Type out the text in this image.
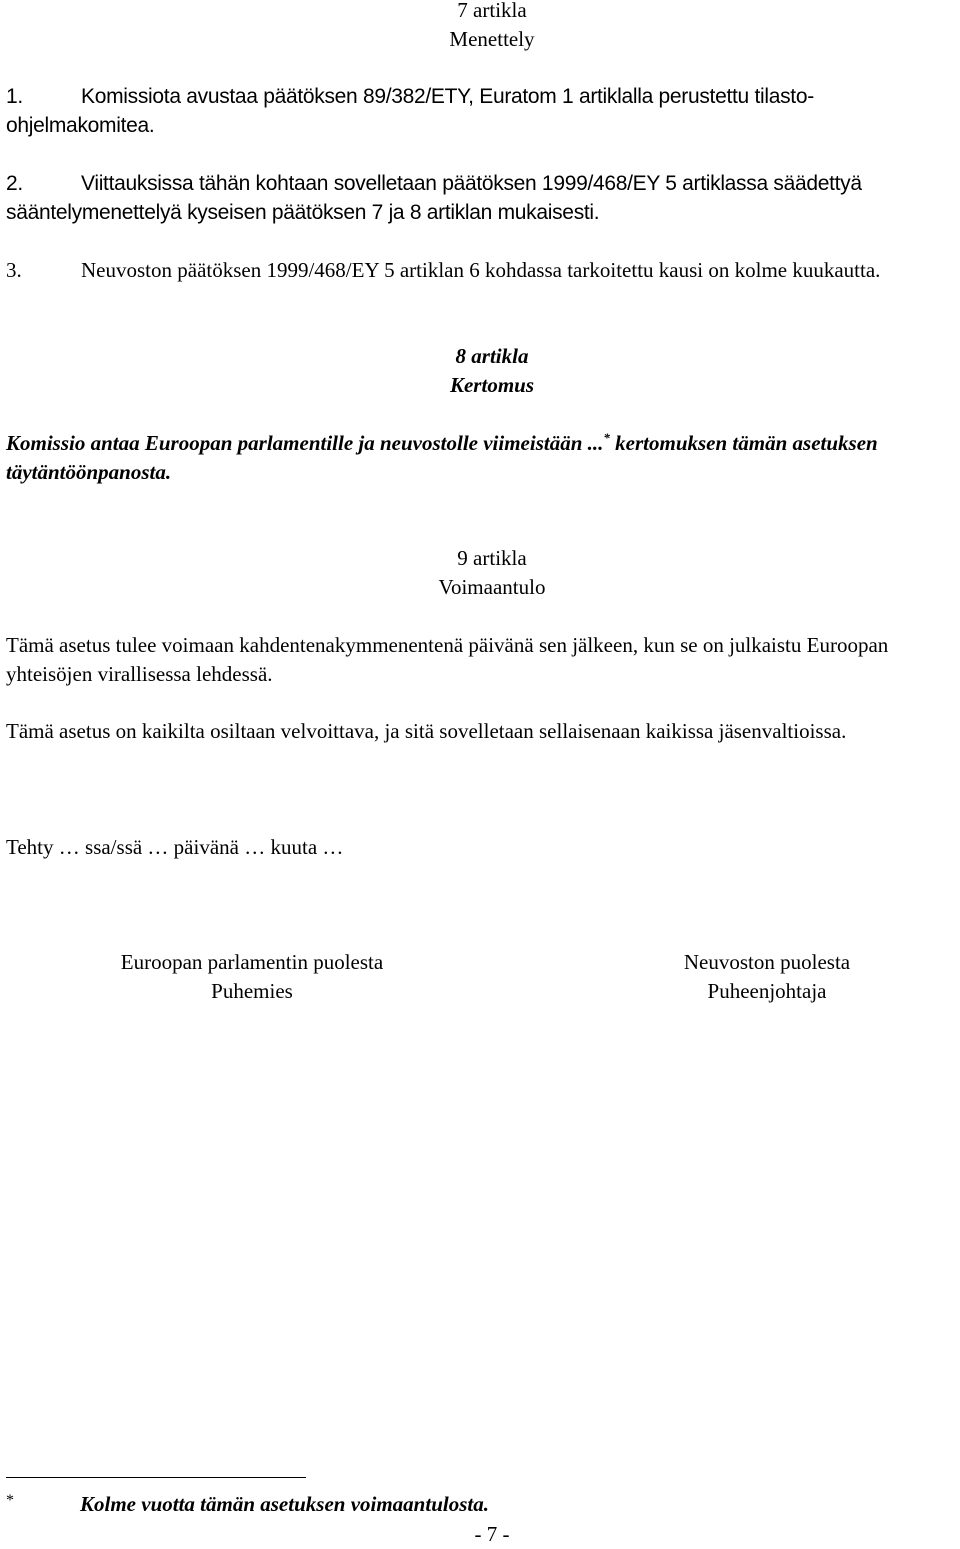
7 artikla
Menettely

1.	Komissiota avustaa päätöksen 89/382/ETY, Euratom 1 artiklalla perustettu tilasto-ohjelmakomitea.

2.	Viittauksissa tähän kohtaan sovelletaan päätöksen 1999/468/EY 5 artiklassa säädettyä sääntelymenettelyä kyseisen päätöksen 7 ja 8 artiklan mukaisesti.

3.	Neuvoston päätöksen 1999/468/EY 5 artiklan 6 kohdassa tarkoitettu kausi on kolme kuukautta.

8 artikla
Kertomus

Komissio antaa Euroopan parlamentille ja neuvostolle viimeistään ...* kertomuksen tämän asetuksen täytäntöönpanosta.

9 artikla
Voimaantulo

Tämä asetus tulee voimaan kahdentenakymmenentenä päivänä sen jälkeen, kun se on julkaistu Euroopan yhteisöjen virallisessa lehdessä.

Tämä asetus on kaikilta osiltaan velvoittava, ja sitä sovelletaan sellaisenaan kaikissa jäsenvaltioissa.

Tehty … ssa/ssä … päivänä … kuuta …

Euroopan parlamentin puolesta
Puhemies
Neuvoston puolesta
Puheenjohtaja
*	Kolme vuotta tämän asetuksen voimaantulosta.
- 7 -
